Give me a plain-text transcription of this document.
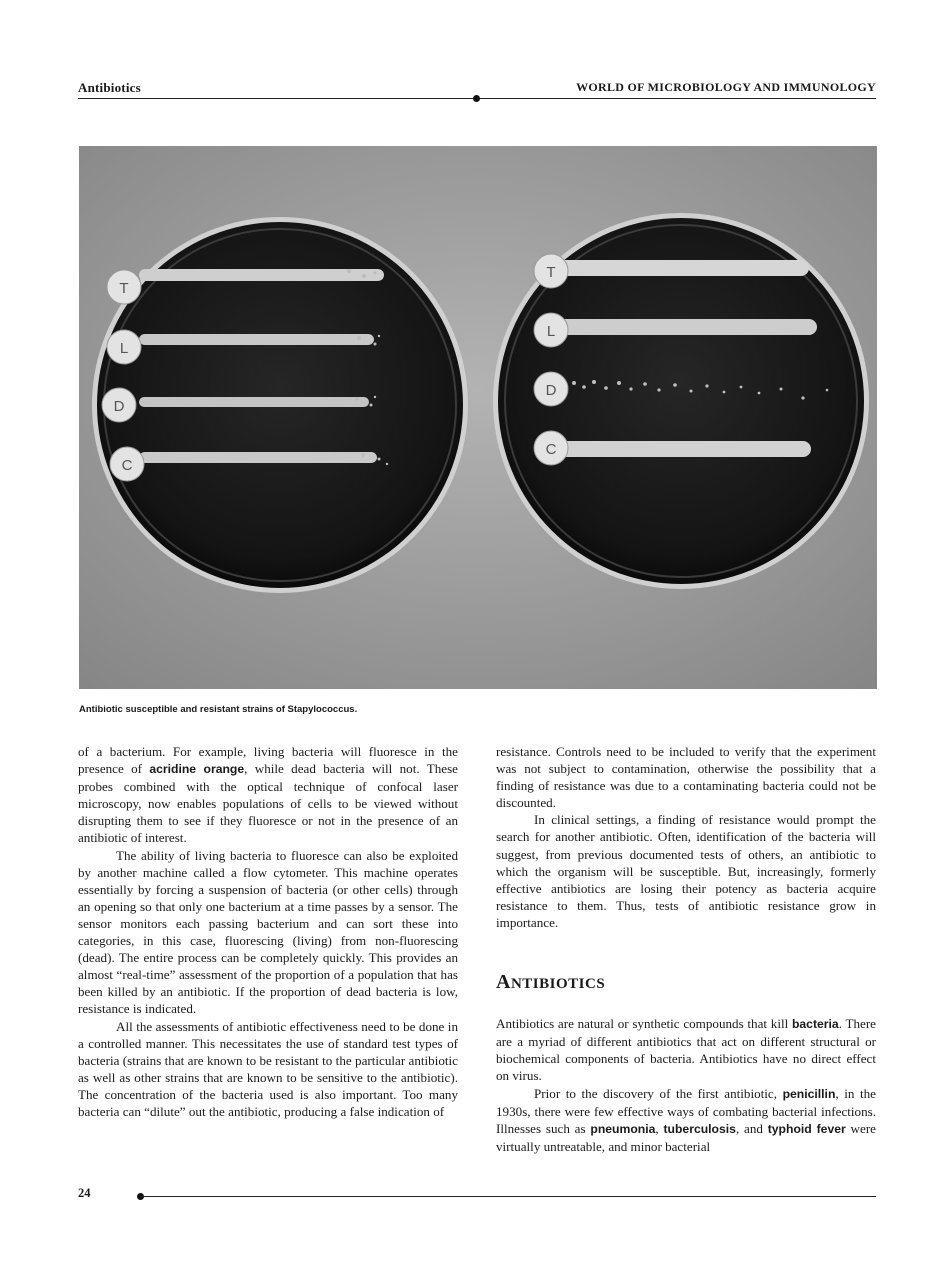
Antibiotics	WORLD OF MICROBIOLOGY AND IMMUNOLOGY
T
L
D
C
T
L
D
C
Antibiotic susceptible and resistant strains of Stapylococcus.

of a bacterium. For example, living bacteria will fluoresce in the presence of acridine orange, while dead bacteria will not. These probes combined with the optical technique of confocal laser microscopy, now enables populations of cells to be viewed without disrupting them to see if they fluoresce or not in the presence of an antibiotic of interest.

The ability of living bacteria to fluoresce can also be exploited by another machine called a flow cytometer. This machine operates essentially by forcing a suspension of bacteria (or other cells) through an opening so that only one bacterium at a time passes by a sensor. The sensor monitors each passing bacterium and can sort these into categories, in this case, fluorescing (living) from non-fluorescing (dead). The entire process can be completely quickly. This provides an almost “real-time” assessment of the proportion of a population that has been killed by an antibiotic. If the proportion of dead bacteria is low, resistance is indicated.

All the assessments of antibiotic effectiveness need to be done in a controlled manner. This necessitates the use of standard test types of bacteria (strains that are known to be resistant to the particular antibiotic as well as other strains that are known to be sensitive to the antibiotic). The concentration of the bacteria used is also important. Too many bacteria can “dilute” out the antibiotic, producing a false indication of

resistance. Controls need to be included to verify that the experiment was not subject to contamination, otherwise the possibility that a finding of resistance was due to a contaminating bacteria could not be discounted.

In clinical settings, a finding of resistance would prompt the search for another antibiotic. Often, identification of the bacteria will suggest, from previous documented tests of others, an antibiotic to which the organism will be susceptible. But, increasingly, formerly effective antibiotics are losing their potency as bacteria acquire resistance to them. Thus, tests of antibiotic resistance grow in importance.

ANTIBIOTICS

Antibiotics are natural or synthetic compounds that kill bacteria. There are a myriad of different antibiotics that act on different structural or biochemical components of bacteria. Antibiotics have no direct effect on virus.

Prior to the discovery of the first antibiotic, penicillin, in the 1930s, there were few effective ways of combating bacterial infections. Illnesses such as pneumonia, tuberculosis, and typhoid fever were virtually untreatable, and minor bacterial

24
